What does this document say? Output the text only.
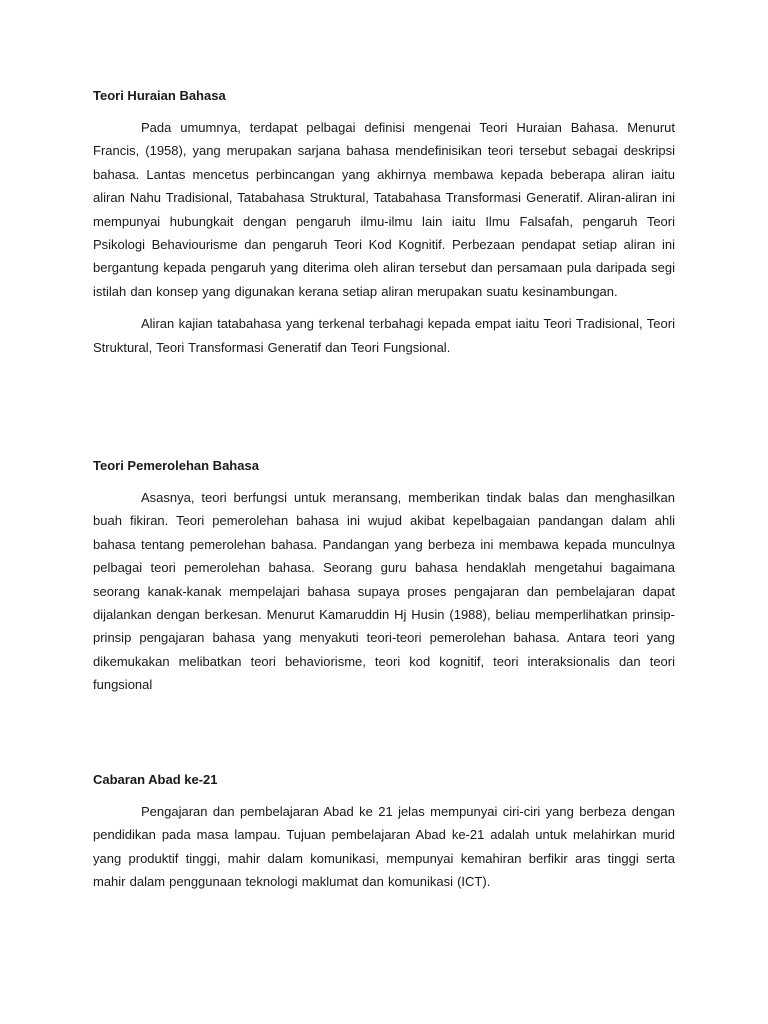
Teori Huraian Bahasa

Pada umumnya, terdapat pelbagai definisi mengenai Teori Huraian Bahasa. Menurut Francis, (1958), yang merupakan sarjana bahasa mendefinisikan teori tersebut sebagai deskripsi bahasa. Lantas mencetus perbincangan yang akhirnya membawa kepada beberapa aliran iaitu aliran Nahu Tradisional, Tatabahasa Struktural, Tatabahasa Transformasi Generatif. Aliran-aliran ini mempunyai hubungkait dengan pengaruh ilmu-ilmu lain iaitu Ilmu Falsafah, pengaruh Teori Psikologi Behaviourisme dan pengaruh Teori Kod Kognitif. Perbezaan pendapat setiap aliran ini bergantung kepada pengaruh yang diterima oleh aliran tersebut dan persamaan pula daripada segi istilah dan konsep yang digunakan kerana setiap aliran merupakan suatu kesinambungan.

Aliran kajian tatabahasa yang terkenal terbahagi kepada empat iaitu Teori Tradisional, Teori Struktural, Teori Transformasi Generatif dan Teori Fungsional.

Teori Pemerolehan Bahasa

Asasnya, teori berfungsi untuk meransang, memberikan tindak balas dan menghasilkan buah fikiran. Teori pemerolehan bahasa ini wujud akibat kepelbagaian pandangan dalam ahli bahasa tentang pemerolehan bahasa. Pandangan yang berbeza ini membawa kepada munculnya pelbagai teori pemerolehan bahasa. Seorang guru bahasa hendaklah mengetahui bagaimana seorang kanak-kanak mempelajari bahasa supaya proses pengajaran dan pembelajaran dapat dijalankan dengan berkesan. Menurut Kamaruddin Hj Husin (1988), beliau memperlihatkan prinsip-prinsip pengajaran bahasa yang menyakuti teori-teori pemerolehan bahasa. Antara teori yang dikemukakan melibatkan teori behaviorisme, teori kod kognitif, teori interaksionalis dan teori fungsional

Cabaran Abad ke-21

Pengajaran dan pembelajaran Abad ke 21 jelas mempunyai ciri-ciri yang berbeza dengan pendidikan pada masa lampau. Tujuan pembelajaran Abad ke-21 adalah untuk melahirkan murid yang produktif tinggi, mahir dalam komunikasi, mempunyai kemahiran berfikir aras tinggi serta mahir dalam penggunaan teknologi maklumat dan komunikasi (ICT).
